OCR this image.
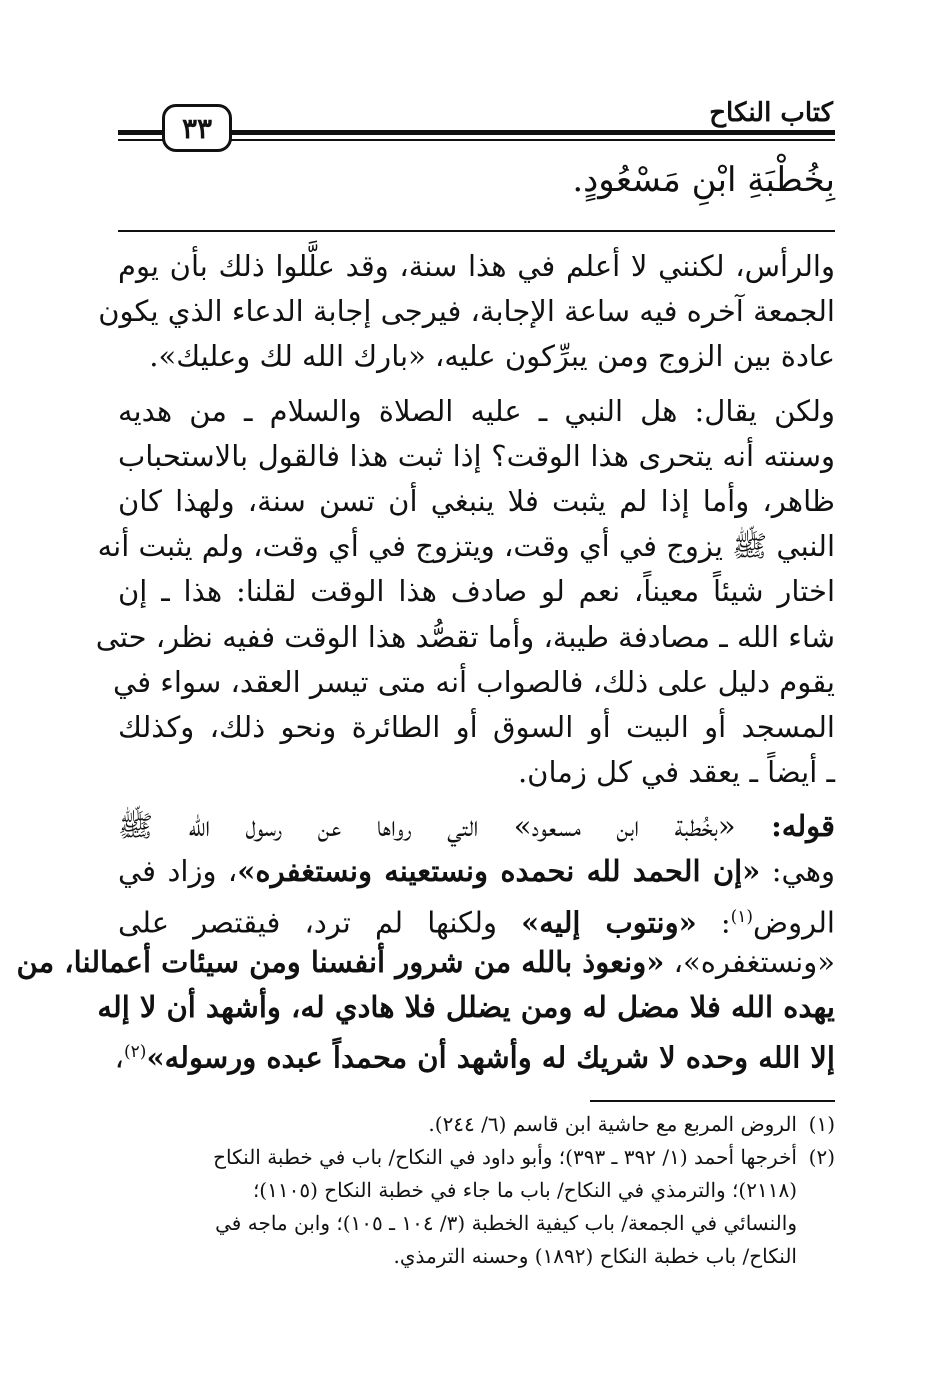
كتاب النكاح
٣٣
بِخُطْبَةِ ابْنِ مَسْعُودٍ.
والرأس، لكنني لا أعلم في هذا سنة، وقد علَّلوا ذلك بأن يوم
الجمعة آخره فيه ساعة الإجابة، فيرجى إجابة الدعاء الذي يكون
عادة بين الزوج ومن يبرِّكون عليه، «بارك الله لك وعليك».
ولكن يقال: هل النبي ـ عليه الصلاة والسلام ـ من هديه
وسنته أنه يتحرى هذا الوقت؟ إذا ثبت هذا فالقول بالاستحباب
ظاهر، وأما إذا لم يثبت فلا ينبغي أن تسن سنة، ولهذا كان
النبي ﷺ يزوج في أي وقت، ويتزوج في أي وقت، ولم يثبت أنه
اختار شيئاً معيناً، نعم لو صادف هذا الوقت لقلنا: هذا ـ إن
شاء الله ـ مصادفة طيبة، وأما تقصُّد هذا الوقت ففيه نظر، حتى
يقوم دليل على ذلك، فالصواب أنه متى تيسر العقد، سواء في
المسجد أو البيت أو السوق أو الطائرة ونحو ذلك، وكذلك
ـ أيضاً ـ يعقد في كل زمان.
قوله: «بخُطبة ابن مسعود» التي رواها عن رسول الله ﷺ
وهي: «إن الحمد لله نحمده ونستعينه ونستغفره»، وزاد في
الروض$^{(١)}$: «ونتوب إليه» ولكنها لم ترد، فيقتصر على
«ونستغفره»، «ونعوذ بالله من شرور أنفسنا ومن سيئات أعمالنا، من
يهده الله فلا مضل له ومن يضلل فلا هادي له، وأشهد أن لا إله
إلا الله وحده لا شريك له وأشهد أن محمداً عبده ورسوله»$^{(٢)}$،
(١)
الروض المربع مع حاشية ابن قاسم (٦/ ٢٤٤).
(٢)
أخرجها أحمد (١/ ٣٩٢ ـ ٣٩٣)؛ وأبو داود في النكاح/ باب في خطبة النكاح
(٢١١٨)؛ والترمذي في النكاح/ باب ما جاء في خطبة النكاح (١١٠٥)؛
والنسائي في الجمعة/ باب كيفية الخطبة (٣/ ١٠٤ ـ ١٠٥)؛ وابن ماجه في
النكاح/ باب خطبة النكاح (١٨٩٢) وحسنه الترمذي.
